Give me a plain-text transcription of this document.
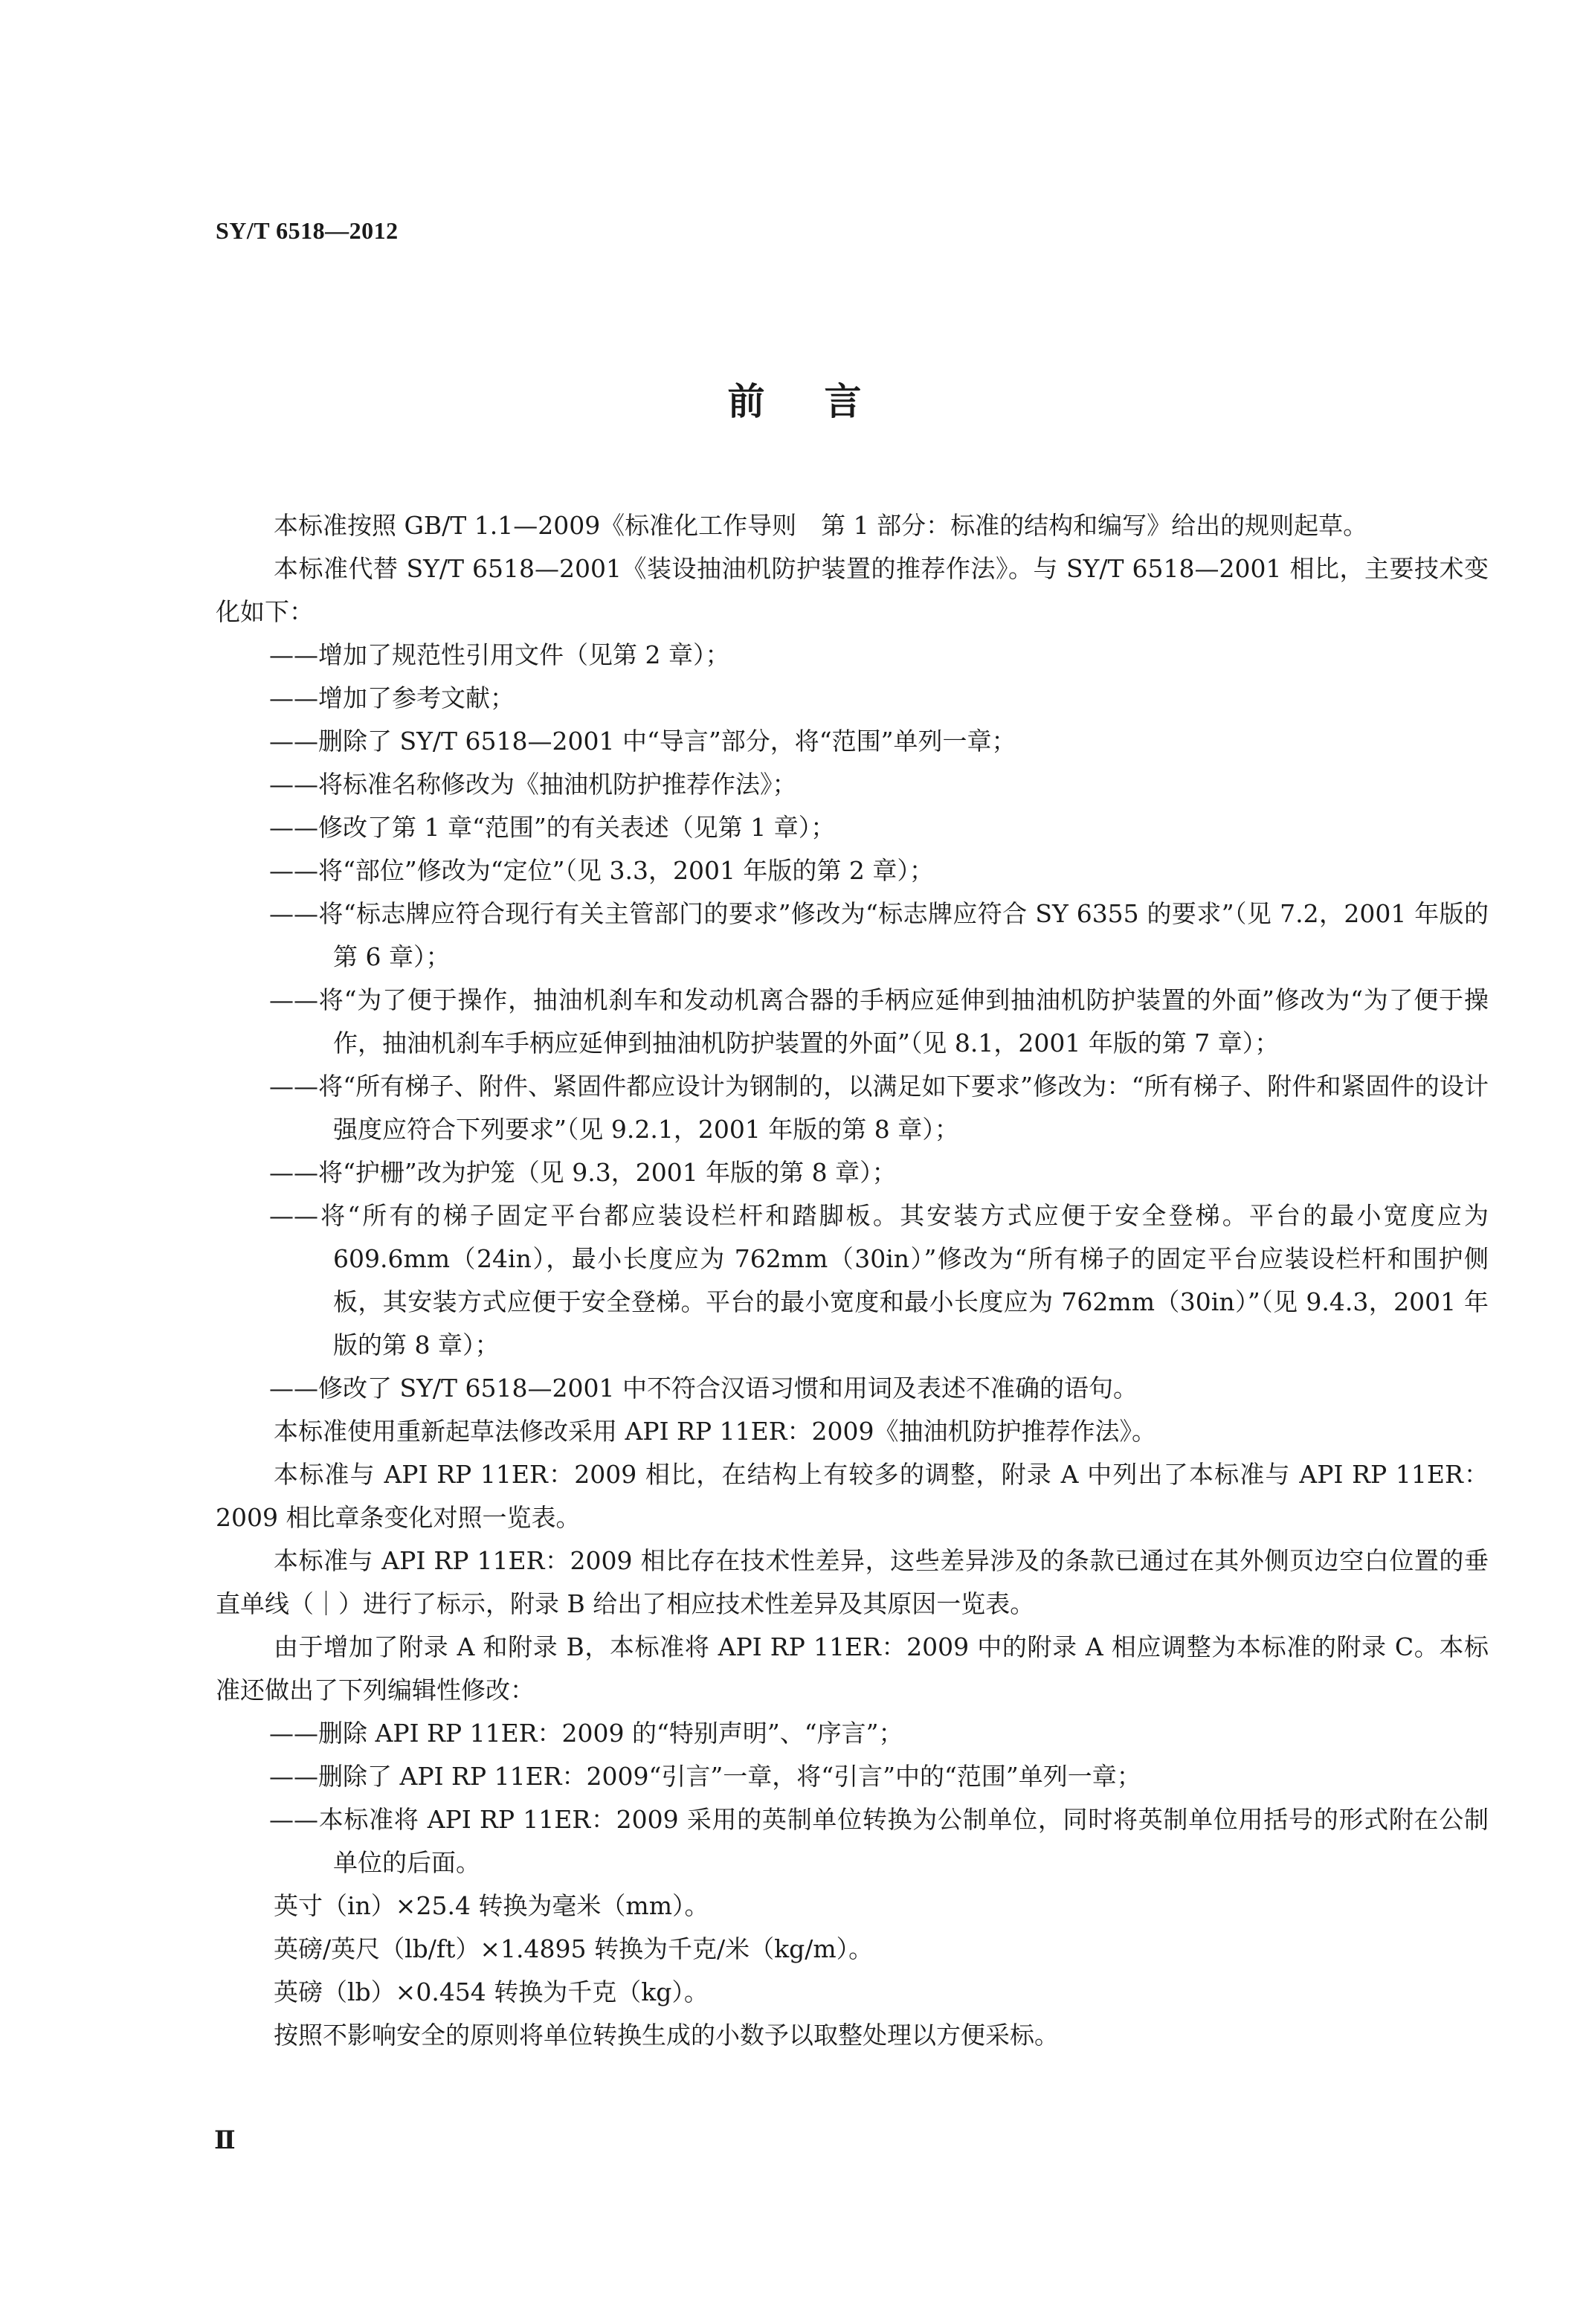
SY/T 6518—2012
前言

本标准按照 GB/T 1.1—2009《标准化工作导则　第 1 部分：标准的结构和编写》给出的规则起草。

本标准代替 SY/T 6518—2001《装设抽油机防护装置的推荐作法》。与 SY/T 6518—2001 相比，主要技术变化如下：

——增加了规范性引用文件（见第 2 章）；

——增加了参考文献；

——删除了 SY/T 6518—2001 中“导言”部分，将“范围”单列一章；

——将标准名称修改为《抽油机防护推荐作法》；

——修改了第 1 章“范围”的有关表述（见第 1 章）；

——将“部位”修改为“定位”（见 3.3，2001 年版的第 2 章）；

——将“标志牌应符合现行有关主管部门的要求”修改为“标志牌应符合 SY 6355 的要求”（见 7.2，2001 年版的第 6 章）；

——将“为了便于操作，抽油机刹车和发动机离合器的手柄应延伸到抽油机防护装置的外面”修改为“为了便于操作，抽油机刹车手柄应延伸到抽油机防护装置的外面”（见 8.1，2001 年版的第 7 章）；

——将“所有梯子、附件、紧固件都应设计为钢制的，以满足如下要求”修改为：“所有梯子、附件和紧固件的设计强度应符合下列要求”（见 9.2.1，2001 年版的第 8 章）；

——将“护栅”改为护笼（见 9.3，2001 年版的第 8 章）；

——将“所有的梯子固定平台都应装设栏杆和踏脚板。其安装方式应便于安全登梯。平台的最小宽度应为 609.6mm（24in），最小长度应为 762mm（30in）”修改为“所有梯子的固定平台应装设栏杆和围护侧板，其安装方式应便于安全登梯。平台的最小宽度和最小长度应为 762mm（30in）”（见 9.4.3，2001 年版的第 8 章）；

——修改了 SY/T 6518—2001 中不符合汉语习惯和用词及表述不准确的语句。

本标准使用重新起草法修改采用 API RP 11ER：2009《抽油机防护推荐作法》。

本标准与 API RP 11ER：2009 相比，在结构上有较多的调整，附录 A 中列出了本标准与 API RP 11ER：2009 相比章条变化对照一览表。

本标准与 API RP 11ER：2009 相比存在技术性差异，这些差异涉及的条款已通过在其外侧页边空白位置的垂直单线（｜）进行了标示，附录 B 给出了相应技术性差异及其原因一览表。

由于增加了附录 A 和附录 B，本标准将 API RP 11ER：2009 中的附录 A 相应调整为本标准的附录 C。本标准还做出了下列编辑性修改：

——删除 API RP 11ER：2009 的“特别声明”、“序言”；

——删除了 API RP 11ER：2009“引言”一章，将“引言”中的“范围”单列一章；

——本标准将 API RP 11ER：2009 采用的英制单位转换为公制单位，同时将英制单位用括号的形式附在公制单位的后面。

英寸（in）×25.4 转换为毫米（mm）。

英磅/英尺（lb/ft）×1.4895 转换为千克/米（kg/m）。

英磅（lb）×0.454 转换为千克（kg）。

按照不影响安全的原则将单位转换生成的小数予以取整处理以方便采标。

Ⅱ
